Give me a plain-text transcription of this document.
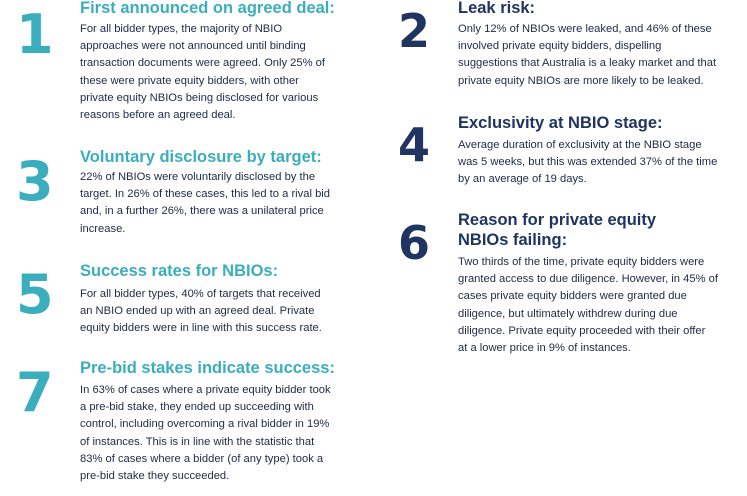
1 First announced on agreed deal:
For all bidder types, the majority of NBIO
approaches were not announced until binding
transaction documents were agreed. Only 25% of
these were private equity bidders, with other
private equity NBIOs being disclosed for various
reasons before an agreed deal.
2 Leak risk:
Only 12% of NBIOs were leaked, and 46% of these
involved private equity bidders, dispelling
suggestions that Australia is a leaky market and that
private equity NBIOs are more likely to be leaked.
3 Voluntary disclosure by target:
22% of NBIOs were voluntarily disclosed by the
target. In 26% of these cases, this led to a rival bid
and, in a further 26%, there was a unilateral price
increase.
4 Exclusivity at NBIO stage:
Average duration of exclusivity at the NBIO stage
was 5 weeks, but this was extended 37% of the time
by an average of 19 days.
5 Success rates for NBIOs:
For all bidder types, 40% of targets that received
an NBIO ended up with an agreed deal. Private
equity bidders were in line with this success rate.
6 Reason for private equity
NBIOs failing:
Two thirds of the time, private equity bidders were
granted access to due diligence. However, in 45% of
cases private equity bidders were granted due
diligence, but ultimately withdrew during due
diligence. Private equity proceeded with their offer
at a lower price in 9% of instances.
7 Pre-bid stakes indicate success:
In 63% of cases where a private equity bidder took
a pre-bid stake, they ended up succeeding with
control, including overcoming a rival bidder in 19%
of instances. This is in line with the statistic that
83% of cases where a bidder (of any type) took a
pre-bid stake they succeeded.
